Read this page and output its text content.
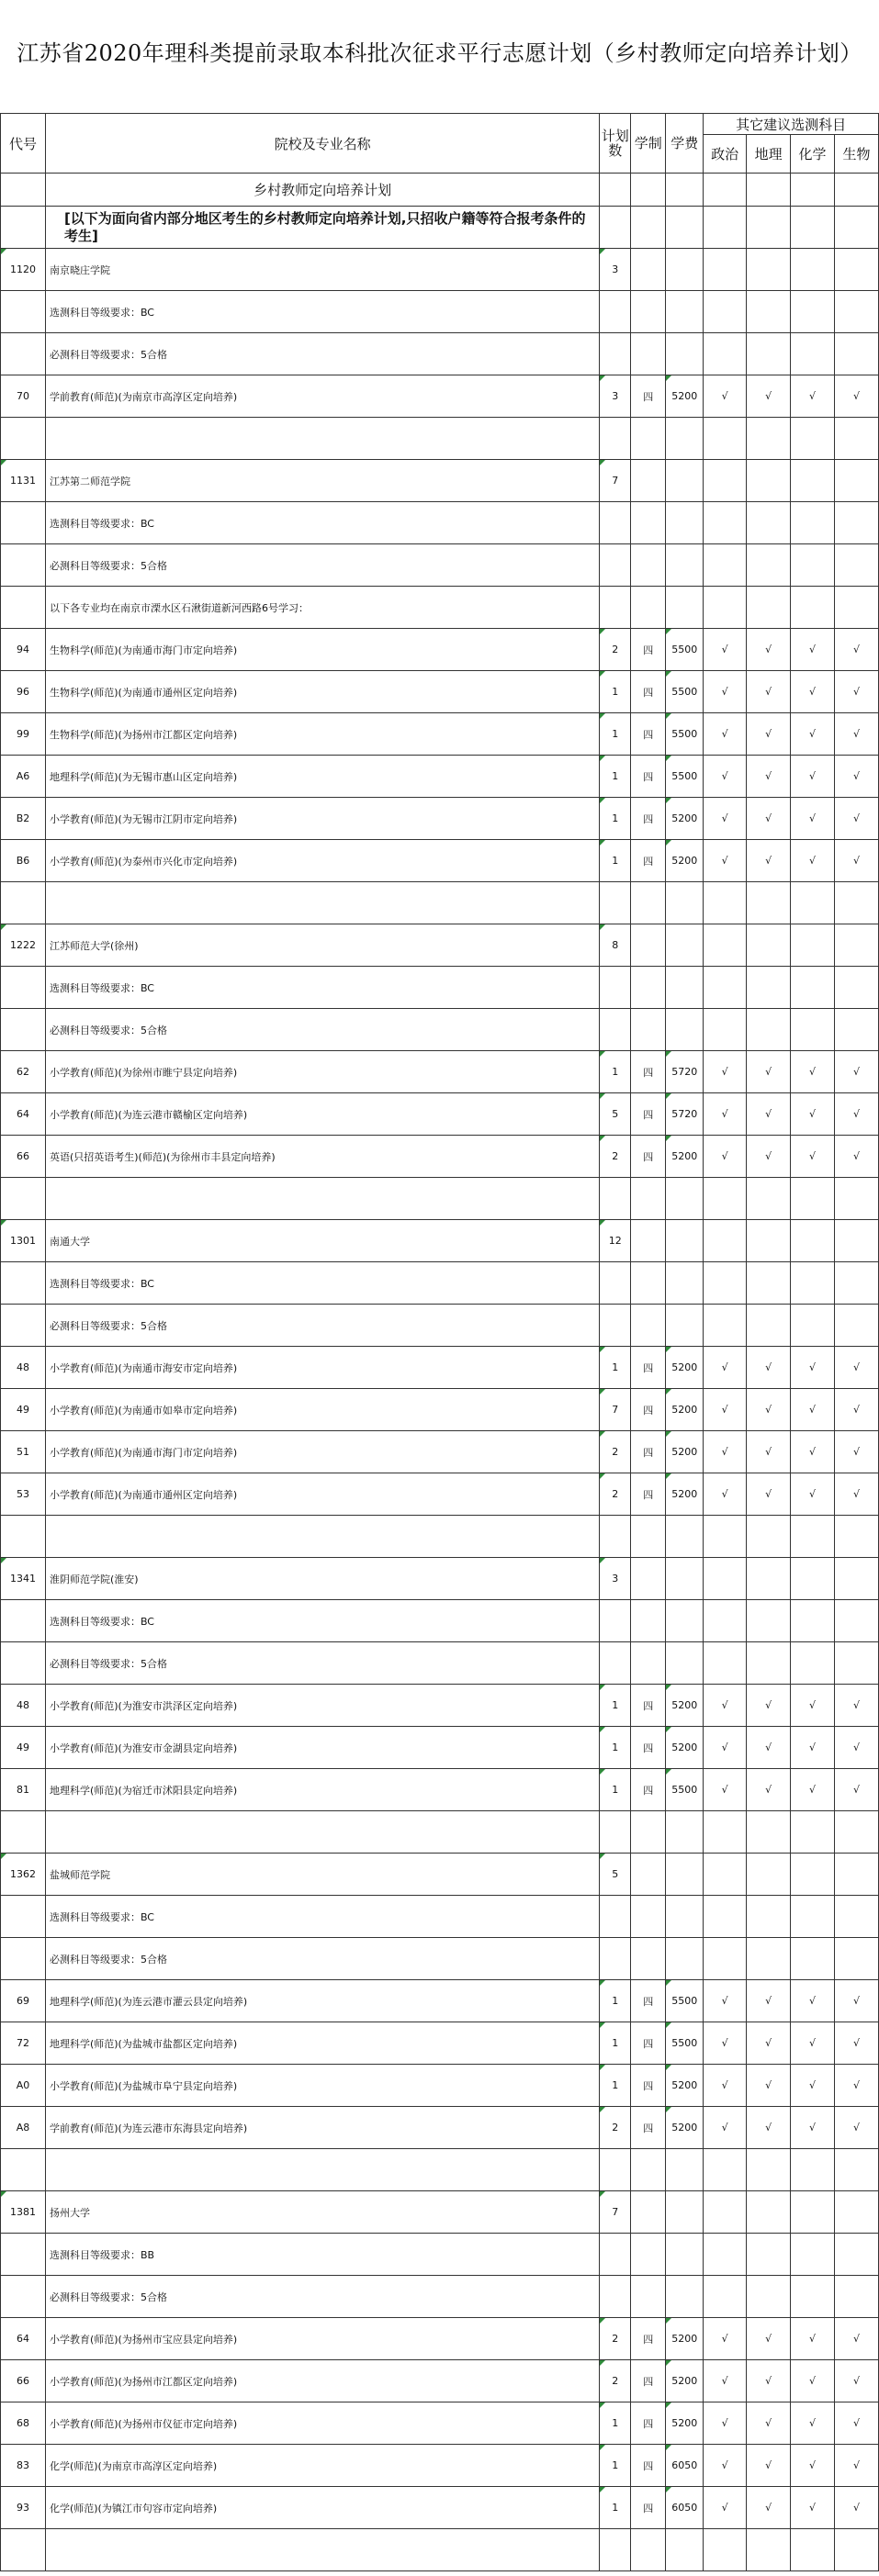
江苏省2020年理科类提前录取本科批次征求平行志愿计划（乡村教师定向培养计划）
代号	院校及专业名称	计划数	学制	学费	其它建议选测科目			
					政治	地理	化学	生物
	乡村教师定向培养计划							
	[以下为面向省内部分地区考生的乡村教师定向培养计划,只招收户籍等符合报考条件的考生]							
1120	南京晓庄学院	3						
	选测科目等级要求：BC							
	必测科目等级要求：5合格							
70	学前教育(师范)(为南京市高淳区定向培养)	3	四	5200	√	√	√	√

1131	江苏第二师范学院	7						
	选测科目等级要求：BC							
	必测科目等级要求：5合格							
	以下各专业均在南京市溧水区石湫街道新河西路6号学习：							
94	生物科学(师范)(为南通市海门市定向培养)	2	四	5500	√	√	√	√
96	生物科学(师范)(为南通市通州区定向培养)	1	四	5500	√	√	√	√
99	生物科学(师范)(为扬州市江都区定向培养)	1	四	5500	√	√	√	√
A6	地理科学(师范)(为无锡市惠山区定向培养)	1	四	5500	√	√	√	√
B2	小学教育(师范)(为无锡市江阴市定向培养)	1	四	5200	√	√	√	√
B6	小学教育(师范)(为泰州市兴化市定向培养)	1	四	5200	√	√	√	√

1222	江苏师范大学(徐州)	8						
	选测科目等级要求：BC							
	必测科目等级要求：5合格							
62	小学教育(师范)(为徐州市睢宁县定向培养)	1	四	5720	√	√	√	√
64	小学教育(师范)(为连云港市赣榆区定向培养)	5	四	5720	√	√	√	√
66	英语(只招英语考生)(师范)(为徐州市丰县定向培养)	2	四	5200	√	√	√	√

1301	南通大学	12						
	选测科目等级要求：BC							
	必测科目等级要求：5合格							
48	小学教育(师范)(为南通市海安市定向培养)	1	四	5200	√	√	√	√
49	小学教育(师范)(为南通市如皋市定向培养)	7	四	5200	√	√	√	√
51	小学教育(师范)(为南通市海门市定向培养)	2	四	5200	√	√	√	√
53	小学教育(师范)(为南通市通州区定向培养)	2	四	5200	√	√	√	√

1341	淮阴师范学院(淮安)	3						
	选测科目等级要求：BC							
	必测科目等级要求：5合格							
48	小学教育(师范)(为淮安市洪泽区定向培养)	1	四	5200	√	√	√	√
49	小学教育(师范)(为淮安市金湖县定向培养)	1	四	5200	√	√	√	√
81	地理科学(师范)(为宿迁市沭阳县定向培养)	1	四	5500	√	√	√	√

1362	盐城师范学院	5						
	选测科目等级要求：BC							
	必测科目等级要求：5合格							
69	地理科学(师范)(为连云港市灌云县定向培养)	1	四	5500	√	√	√	√
72	地理科学(师范)(为盐城市盐都区定向培养)	1	四	5500	√	√	√	√
A0	小学教育(师范)(为盐城市阜宁县定向培养)	1	四	5200	√	√	√	√
A8	学前教育(师范)(为连云港市东海县定向培养)	2	四	5200	√	√	√	√

1381	扬州大学	7						
	选测科目等级要求：BB							
	必测科目等级要求：5合格							
64	小学教育(师范)(为扬州市宝应县定向培养)	2	四	5200	√	√	√	√
66	小学教育(师范)(为扬州市江都区定向培养)	2	四	5200	√	√	√	√
68	小学教育(师范)(为扬州市仪征市定向培养)	1	四	5200	√	√	√	√
83	化学(师范)(为南京市高淳区定向培养)	1	四	6050	√	√	√	√
93	化学(师范)(为镇江市句容市定向培养)	1	四	6050	√	√	√	√
